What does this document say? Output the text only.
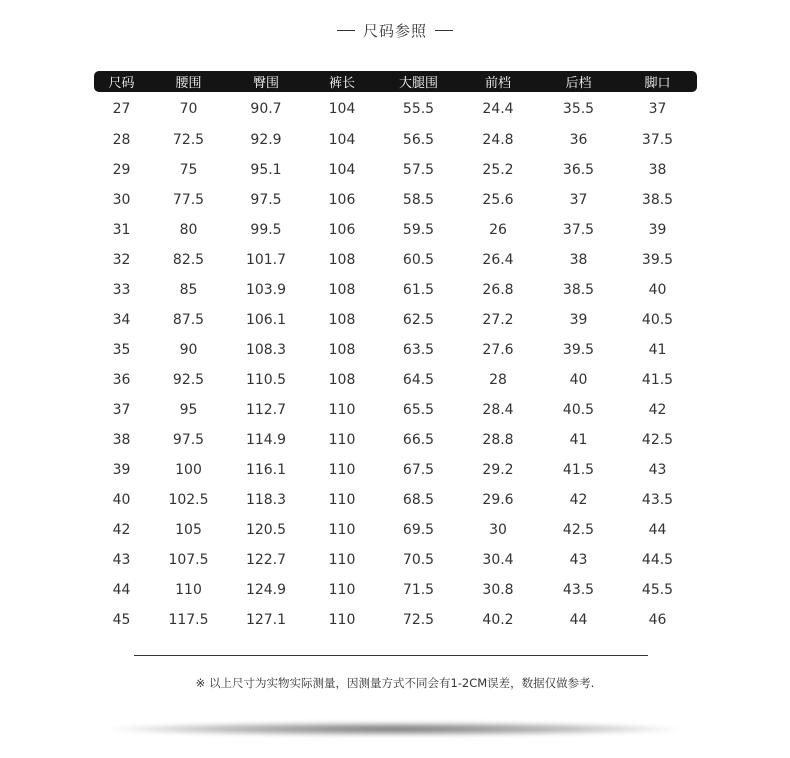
尺码参照
尺码	腰围	臀围	裤长	大腿围	前档	后档	脚口
27	70	90.7	104	55.5	24.4	35.5	37
28	72.5	92.9	104	56.5	24.8	36	37.5
29	75	95.1	104	57.5	25.2	36.5	38
30	77.5	97.5	106	58.5	25.6	37	38.5
31	80	99.5	106	59.5	26	37.5	39
32	82.5	101.7	108	60.5	26.4	38	39.5
33	85	103.9	108	61.5	26.8	38.5	40
34	87.5	106.1	108	62.5	27.2	39	40.5
35	90	108.3	108	63.5	27.6	39.5	41
36	92.5	110.5	108	64.5	28	40	41.5
37	95	112.7	110	65.5	28.4	40.5	42
38	97.5	114.9	110	66.5	28.8	41	42.5
39	100	116.1	110	67.5	29.2	41.5	43
40	102.5	118.3	110	68.5	29.6	42	43.5
42	105	120.5	110	69.5	30	42.5	44
43	107.5	122.7	110	70.5	30.4	43	44.5
44	110	124.9	110	71.5	30.8	43.5	45.5
45	117.5	127.1	110	72.5	40.2	44	46
※ 以上尺寸为实物实际测量，因测量方式不同会有1-2CM误差，数据仅做参考.
